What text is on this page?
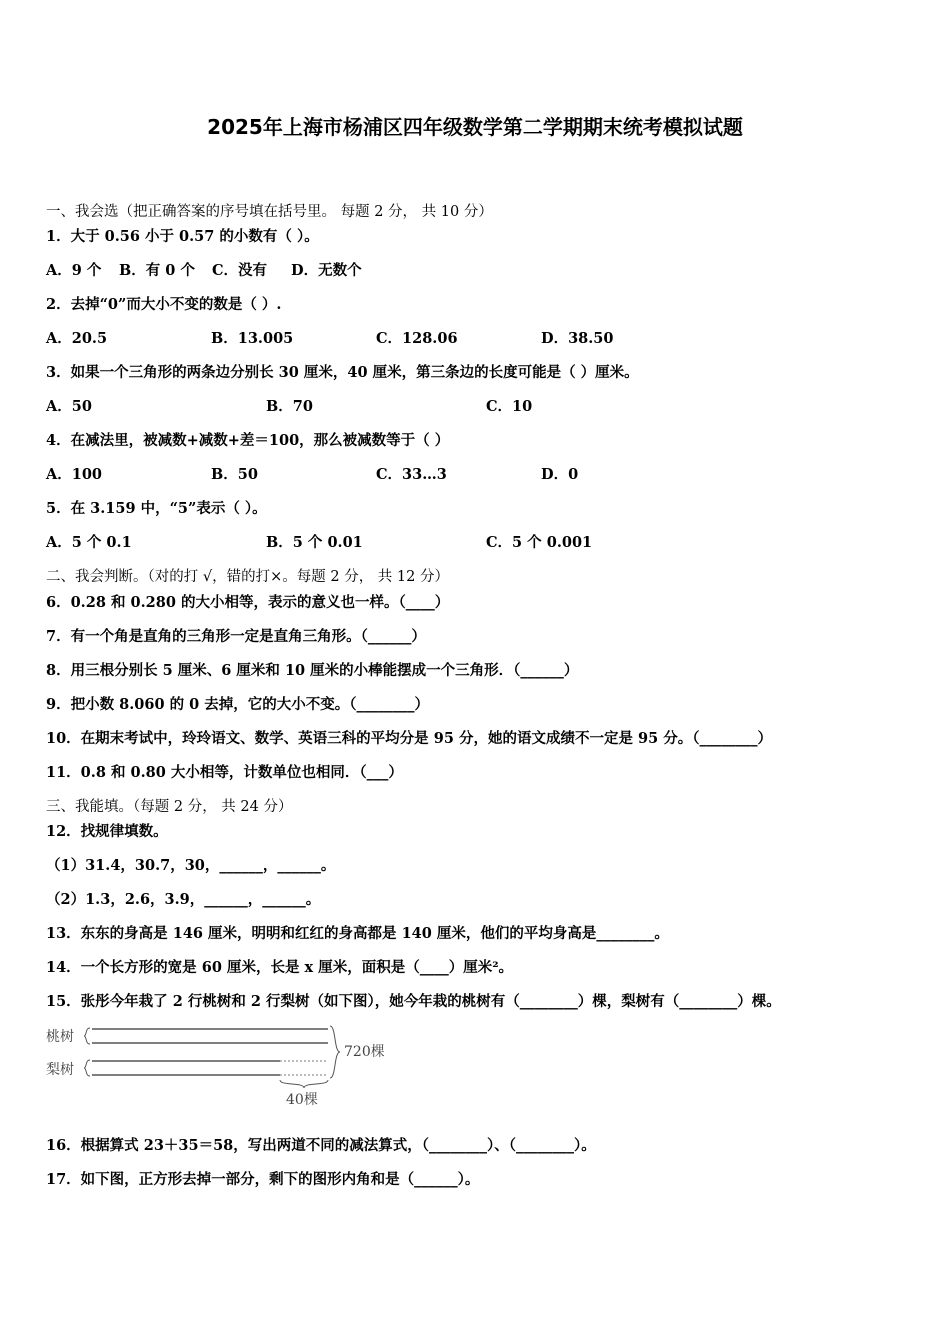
2025年上海市杨浦区四年级数学第二学期期末统考模拟试题
一、我会选（把正确答案的序号填在括号里。 每题 2 分， 共 10 分）
1．大于 0.56 小于 0.57 的小数有（ ）。
A．9 个 B．有 0 个 C．没有 D．无数个
2．去掉“0”而大小不变的数是（ ）.
A．20.5	B．13.005	C．128.06	D．38.50
3．如果一个三角形的两条边分别长 30 厘米，40 厘米，第三条边的长度可能是（ ）厘米。
A．50	B．70	C．10
4．在减法里，被减数+减数+差＝100，那么被减数等于（ ）
A．100	B．50	C．33…3	D．0
5．在 3.159 中，“5”表示（ ）。
A．5 个 0.1	B．5 个 0.01	C．5 个 0.001
二、我会判断。（对的打 √，错的打×。每题 2 分， 共 12 分）
6．0.28 和 0.280 的大小相等，表示的意义也一样。（____）
7．有一个角是直角的三角形一定是直角三角形。（______）
8．用三根分别长 5 厘米、6 厘米和 10 厘米的小棒能摆成一个三角形．（______）
9．把小数 8.060 的 0 去掉，它的大小不变。（________）
10．在期末考试中，玲玲语文、数学、英语三科的平均分是 95 分，她的语文成绩不一定是 95 分。（________）
11．0.8 和 0.80 大小相等，计数单位也相同．（___）
三、我能填。（每题 2 分， 共 24 分）
12．找规律填数。
（1）31.4，30.7，30，______，______。
（2）1.3，2.6，3.9，______，______。
13．东东的身高是 146 厘米，明明和红红的身高都是 140 厘米，他们的平均身高是________。
14．一个长方形的宽是 60 厘米，长是 x 厘米，面积是（____）厘米²。
15．张彤今年栽了 2 行桃树和 2 行梨树（如下图），她今年栽的桃树有（________）棵，梨树有（________）棵。
桃树
梨树
720棵
40棵
16．根据算式 23＋35＝58，写出两道不同的减法算式，（________）、（________）。
17．如下图，正方形去掉一部分，剩下的图形内角和是（______）。
